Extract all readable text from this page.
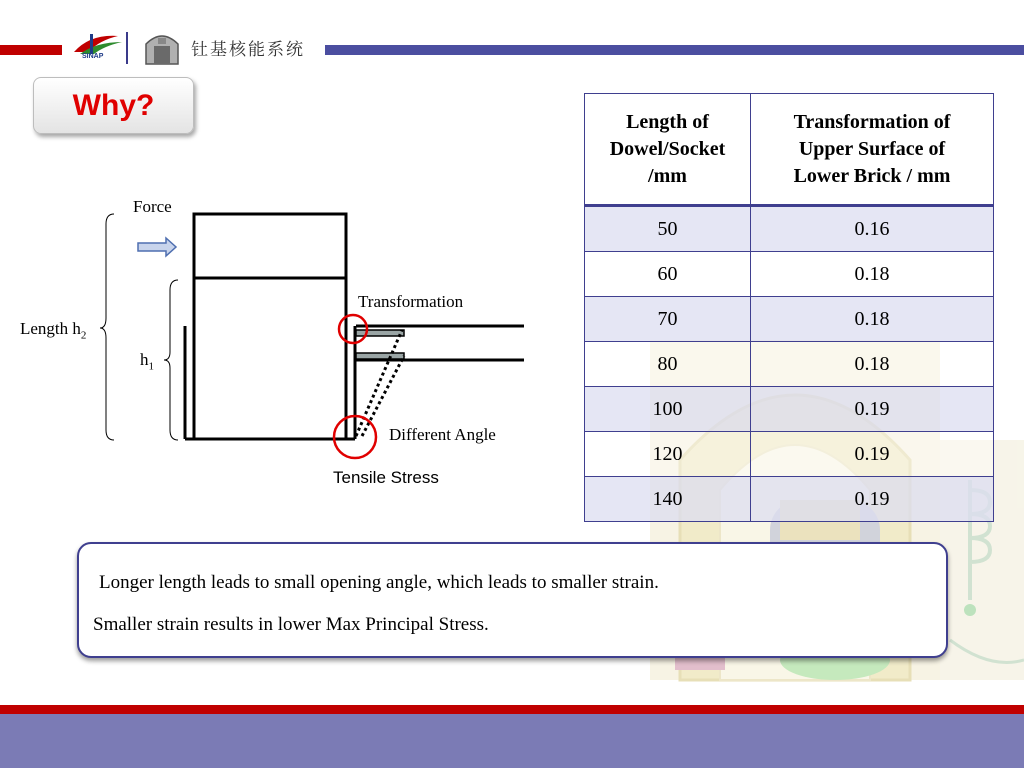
SINAP	钍基核能系统
Why?
Force
Length $h_2$
$h_1$
Transformation
Different Angle
Tensile Stress
Length of
Dowel/Socket
/mm	Transformation of
Upper Surface of
Lower Brick / mm
50	0.16
60	0.18
70	0.18
80	0.18
100	0.19
120	0.19
140	0.19

Longer length leads to small opening angle, which leads to smaller strain.

Smaller strain results in lower Max Principal Stress.
